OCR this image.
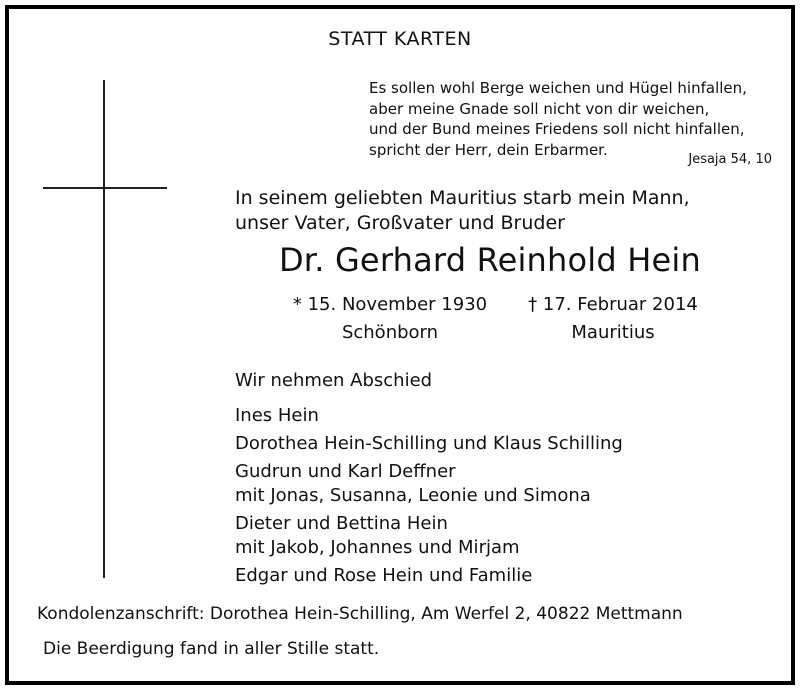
STATT KARTEN
Es sollen wohl Berge weichen und Hügel hinfallen,
aber meine Gnade soll nicht von dir weichen,
und der Bund meines Friedens soll nicht hinfallen,
spricht der Herr, dein Erbarmer.
Jesaja 54, 10
In seinem geliebten Mauritius starb mein Mann,
unser Vater, Großvater und Bruder
Dr. Gerhard Reinhold Hein
* 15. November 1930
Schönborn
† 17. Februar 2014
Mauritius
Wir nehmen Abschied
Ines Hein
Dorothea Hein-Schilling und Klaus Schilling
Gudrun und Karl Deffner
mit Jonas, Susanna, Leonie und Simona
Dieter und Bettina Hein
mit Jakob, Johannes und Mirjam
Edgar und Rose Hein und Familie
Kondolenzanschrift: Dorothea Hein-Schilling, Am Werfel 2, 40822 Mettmann
Die Beerdigung fand in aller Stille statt.
